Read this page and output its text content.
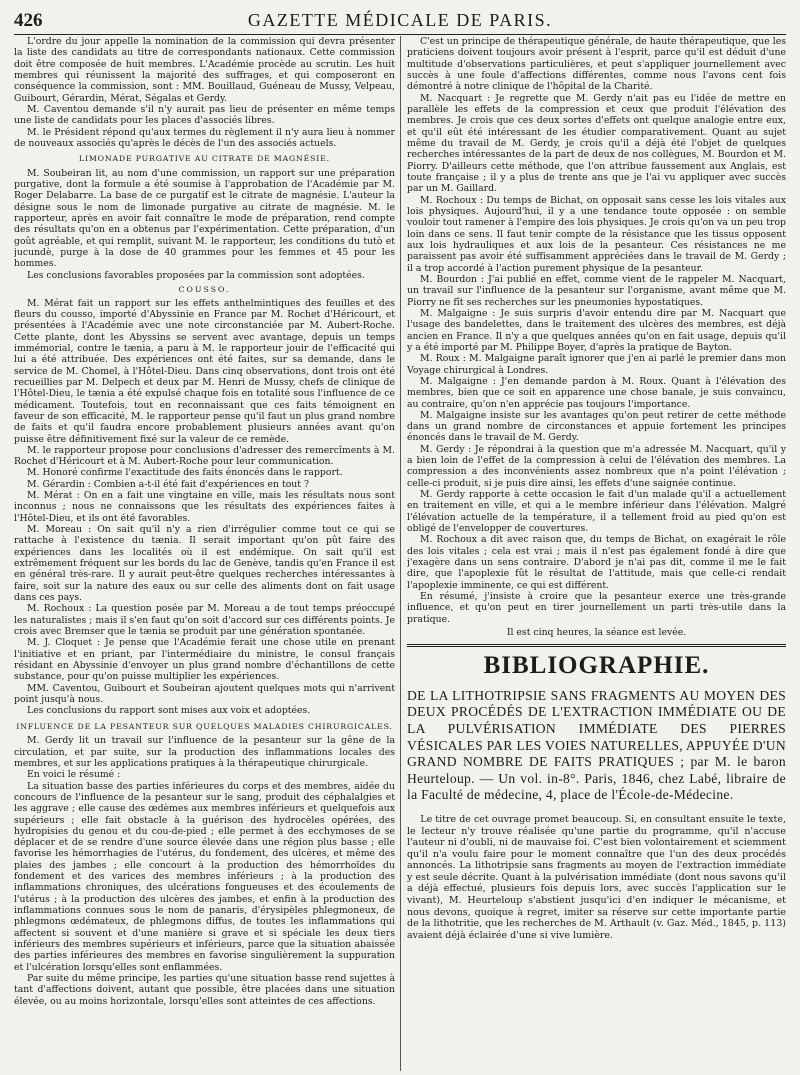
426	GAZETTE MÉDICALE DE PARIS.

L'ordre du jour appelle la nomination de la commission qui devra présenter la liste des candidats au titre de correspondants nationaux. Cette commission doit être composée de huit membres. L'Académie procède au scrutin. Les huit membres qui réunissent la majorité des suffrages, et qui composeront en conséquence la commission, sont : MM. Bouillaud, Guéneau de Mussy, Velpeau, Guibourt, Gérardin, Mérat, Ségalas et Gerdy.

M. Caventou demande s'il n'y aurait pas lieu de présenter en même temps une liste de candidats pour les places d'associés libres.

M. le Président répond qu'aux termes du règlement il n'y aura lieu à nommer de nouveaux associés qu'après le décès de l'un des associés actuels.

LIMONADE PURGATIVE AU CITRATE DE MAGNÉSIE.

M. Soubeiran lit, au nom d'une commission, un rapport sur une préparation purgative, dont la formule a été soumise à l'approbation de l'Académie par M. Roger Delabarre. La base de ce purgatif est le citrate de magnésie. L'auteur la désigne sous le nom de limonade purgative au citrate de magnésie. M. le rapporteur, après en avoir fait connaître le mode de préparation, rend compte des résultats qu'on en a obtenus par l'expérimentation. Cette préparation, d'un goût agréable, et qui remplit, suivant M. le rapporteur, les conditions du tutò et jucundè, purge à la dose de 40 grammes pour les femmes et 45 pour les hommes.

Les conclusions favorables proposées par la commission sont adoptées.

COUSSO.

M. Mérat fait un rapport sur les effets anthelmintiques des feuilles et des fleurs du cousso, importé d'Abyssinie en France par M. Rochet d'Héricourt, et présentées à l'Académie avec une note circonstanciée par M. Aubert-Roche. Cette plante, dont les Abyssins se servent avec avantage, depuis un temps immémorial, contre le tænia, a paru à M. le rapporteur jouir de l'efficacité qui lui a été attribuée. Des expériences ont été faites, sur sa demande, dans le service de M. Chomel, à l'Hôtel-Dieu. Dans cinq observations, dont trois ont été recueillies par M. Delpech et deux par M. Henri de Mussy, chefs de clinique de l'Hôtel-Dieu, le tænia a été expulsé chaque fois en totalité sous l'influence de ce médicament. Toutefois, tout en reconnaissant que ces faits témoignent en faveur de son efficacité, M. le rapporteur pense qu'il faut un plus grand nombre de faits et qu'il faudra encore probablement plusieurs années avant qu'on puisse être définitivement fixé sur la valeur de ce remède.

M. le rapporteur propose pour conclusions d'adresser des remercîments à M. Rochet d'Héricourt et à M. Aubert-Roche pour leur communication.

M. Honoré confirme l'exactitude des faits énoncés dans le rapport.

M. Gérardin : Combien a-t-il été fait d'expériences en tout ?

M. Mérat : On en a fait une vingtaine en ville, mais les résultats nous sont inconnus ; nous ne connaissons que les résultats des expériences faites à l'Hôtel-Dieu, et ils ont été favorables.

M. Moreau : On sait qu'il n'y a rien d'irrégulier comme tout ce qui se rattache à l'existence du tænia. Il serait important qu'on pût faire des expériences dans les localités où il est endémique. On sait qu'il est extrêmement fréquent sur les bords du lac de Genève, tandis qu'en France il est en général très-rare. Il y aurait peut-être quelques recherches intéressantes à faire, soit sur la nature des eaux ou sur celle des aliments dont on fait usage dans ces pays.

M. Rochoux : La question posée par M. Moreau a de tout temps préoccupé les naturalistes ; mais il s'en faut qu'on soit d'accord sur ces différents points. Je crois avec Bremser que le tænia se produit par une génération spontanée.

M. J. Cloquet : Je pense que l'Académie ferait une chose utile en prenant l'initiative et en priant, par l'intermédiaire du ministre, le consul français résidant en Abyssinie d'envoyer un plus grand nombre d'échantillons de cette substance, pour qu'on puisse multiplier les expériences.

MM. Caventou, Guibourt et Soubeiran ajoutent quelques mots qui n'arrivent point jusqu'à nous.

Les conclusions du rapport sont mises aux voix et adoptées.

INFLUENCE DE LA PESANTEUR SUR QUELQUES MALADIES CHIRURGICALES.

M. Gerdy lit un travail sur l'influence de la pesanteur sur la gêne de la circulation, et par suite, sur la production des inflammations locales des membres, et sur les applications pratiques à la thérapeutique chirurgicale.

En voici le résumé :

La situation basse des parties inférieures du corps et des membres, aidée du concours de l'influence de la pesanteur sur le sang, produit des céphalalgies et les aggrave ; elle cause des œdèmes aux membres inférieurs et quelquefois aux supérieurs ; elle fait obstacle à la guérison des hydrocèles opérées, des hydropisies du genou et du cou-de-pied ; elle permet à des ecchymoses de se déplacer et de se rendre d'une source élevée dans une région plus basse ; elle favorise les hémorrhagies de l'utérus, du fondement, des ulcères, et même des plaies des jambes ; elle concourt à la production des hémorrhoïdes du fondement et des varices des membres inférieurs ; à la production des inflammations chroniques, des ulcérations fongueuses et des écoulements de l'utérus ; à la production des ulcères des jambes, et enfin à la production des inflammations connues sous le nom de panaris, d'érysipèles phlegmoneux, de phlegmons œdémateux, de phlegmons diffus, de toutes les inflammations qui affectent si souvent et d'une manière si grave et si spéciale les deux tiers inférieurs des membres supérieurs et inférieurs, parce que la situation abaissée des parties inférieures des membres en favorise singulièrement la suppuration et l'ulcération lorsqu'elles sont enflammées.

Par suite du même principe, les parties qu'une situation basse rend sujettes à tant d'affections doivent, autant que possible, être placées dans une situation élevée, ou au moins horizontale, lorsqu'elles sont atteintes de ces affections.

C'est un principe de thérapeutique générale, de haute thérapeutique, que les praticiens doivent toujours avoir présent à l'esprit, parce qu'il est déduit d'une multitude d'observations particulières, et peut s'appliquer journellement avec succès à une foule d'affections différentes, comme nous l'avons cent fois démontré à notre clinique de l'hôpital de la Charité.

M. Nacquart : Je regrette que M. Gerdy n'ait pas eu l'idée de mettre en parallèle les effets de la compression et ceux que produit l'élévation des membres. Je crois que ces deux sortes d'effets ont quelque analogie entre eux, et qu'il eût été intéressant de les étudier comparativement. Quant au sujet même du travail de M. Gerdy, je crois qu'il a déjà été l'objet de quelques recherches intéressantes de la part de deux de nos collègues, M. Bourdon et M. Piorry. D'ailleurs cette méthode, que l'on attribue faussement aux Anglais, est toute française ; il y a plus de trente ans que je l'ai vu appliquer avec succès par un M. Gaillard.

M. Rochoux : Du temps de Bichat, on opposait sans cesse les lois vitales aux lois physiques. Aujourd'hui, il y a une tendance toute opposée : on semble vouloir tout ramener à l'empire des lois physiques. Je crois qu'on va un peu trop loin dans ce sens. Il faut tenir compte de la résistance que les tissus opposent aux lois hydrauliques et aux lois de la pesanteur. Ces résistances ne me paraissent pas avoir été suffisamment appréciées dans le travail de M. Gerdy ; il a trop accordé à l'action purement physique de la pesanteur.

M. Bourdon : J'ai publié en effet, comme vient de le rappeler M. Nacquart, un travail sur l'influence de la pesanteur sur l'organisme, avant même que M. Piorry ne fît ses recherches sur les pneumonies hypostatiques.

M. Malgaigne : Je suis surpris d'avoir entendu dire par M. Nacquart que l'usage des bandelettes, dans le traitement des ulcères des membres, est déjà ancien en France. Il n'y a que quelques années qu'on en fait usage, depuis qu'il y a été importé par M. Philippe Boyer, d'après la pratique de Bayton.

M. Roux : M. Malgaigne paraît ignorer que j'en ai parlé le premier dans mon Voyage chirurgical à Londres.

M. Malgaigne : J'en demande pardon à M. Roux. Quant à l'élévation des membres, bien que ce soit en apparence une chose banale, je suis convaincu, au contraire, qu'on n'en apprécie pas toujours l'importance.

M. Malgaigne insiste sur les avantages qu'on peut retirer de cette méthode dans un grand nombre de circonstances et appuie fortement les principes énoncés dans le travail de M. Gerdy.

M. Gerdy : Je répondrai à la question que m'a adressée M. Nacquart, qu'il y a bien loin de l'effet de la compression à celui de l'élévation des membres. La compression a des inconvénients assez nombreux que n'a point l'élévation ; celle-ci produit, si je puis dire ainsi, les effets d'une saignée continue.

M. Gerdy rapporte à cette occasion le fait d'un malade qu'il a actuellement en traitement en ville, et qui a le membre inférieur dans l'élévation. Malgré l'élévation actuelle de la température, il a tellement froid au pied qu'on est obligé de l'envelopper de couvertures.

M. Rochoux a dit avec raison que, du temps de Bichat, on exagérait le rôle des lois vitales ; cela est vrai ; mais il n'est pas également fondé à dire que j'exagère dans un sens contraire. D'abord je n'ai pas dit, comme il me le fait dire, que l'apoplexie fût le résultat de l'attitude, mais que celle-ci rendait l'apoplexie imminente, ce qui est différent.

En résumé, j'insiste à croire que la pesanteur exerce une très-grande influence, et qu'on peut en tirer journellement un parti très-utile dans la pratique.

Il est cinq heures, la séance est levée.
BIBLIOGRAPHIE.
DE LA LITHOTRIPSIE SANS FRAGMENTS AU MOYEN DES DEUX PROCÉDÉS DE L'EXTRACTION IMMÉDIATE OU DE LA PULVÉRISATION IMMÉDIATE DES PIERRES VÉSICALES PAR LES VOIES NATURELLES, APPUYÉE D'UN GRAND NOMBRE DE FAITS PRATIQUES ; par M. le baron Heurteloup. — Un vol. in-8°. Paris, 1846, chez Labé, libraire de la Faculté de médecine, 4, place de l'École-de-Médecine.

Le titre de cet ouvrage promet beaucoup. Si, en consultant ensuite le texte, le lecteur n'y trouve réalisée qu'une partie du programme, qu'il n'accuse l'auteur ni d'oubli, ni de mauvaise foi. C'est bien volontairement et sciemment qu'il n'a voulu faire pour le moment connaître que l'un des deux procédés annoncés. La lithotripsie sans fragments au moyen de l'extraction immédiate y est seule décrite. Quant à la pulvérisation immédiate (dont nous savons qu'il a déjà effectué, plusieurs fois depuis lors, avec succès l'application sur le vivant), M. Heurteloup s'abstient jusqu'ici d'en indiquer le mécanisme, et nous devons, quoique à regret, imiter sa réserve sur cette importante partie de la lithotritie, que les recherches de M. Arthault (v. Gaz. Méd., 1845, p. 113) avaient déjà éclairée d'une si vive lumière.
